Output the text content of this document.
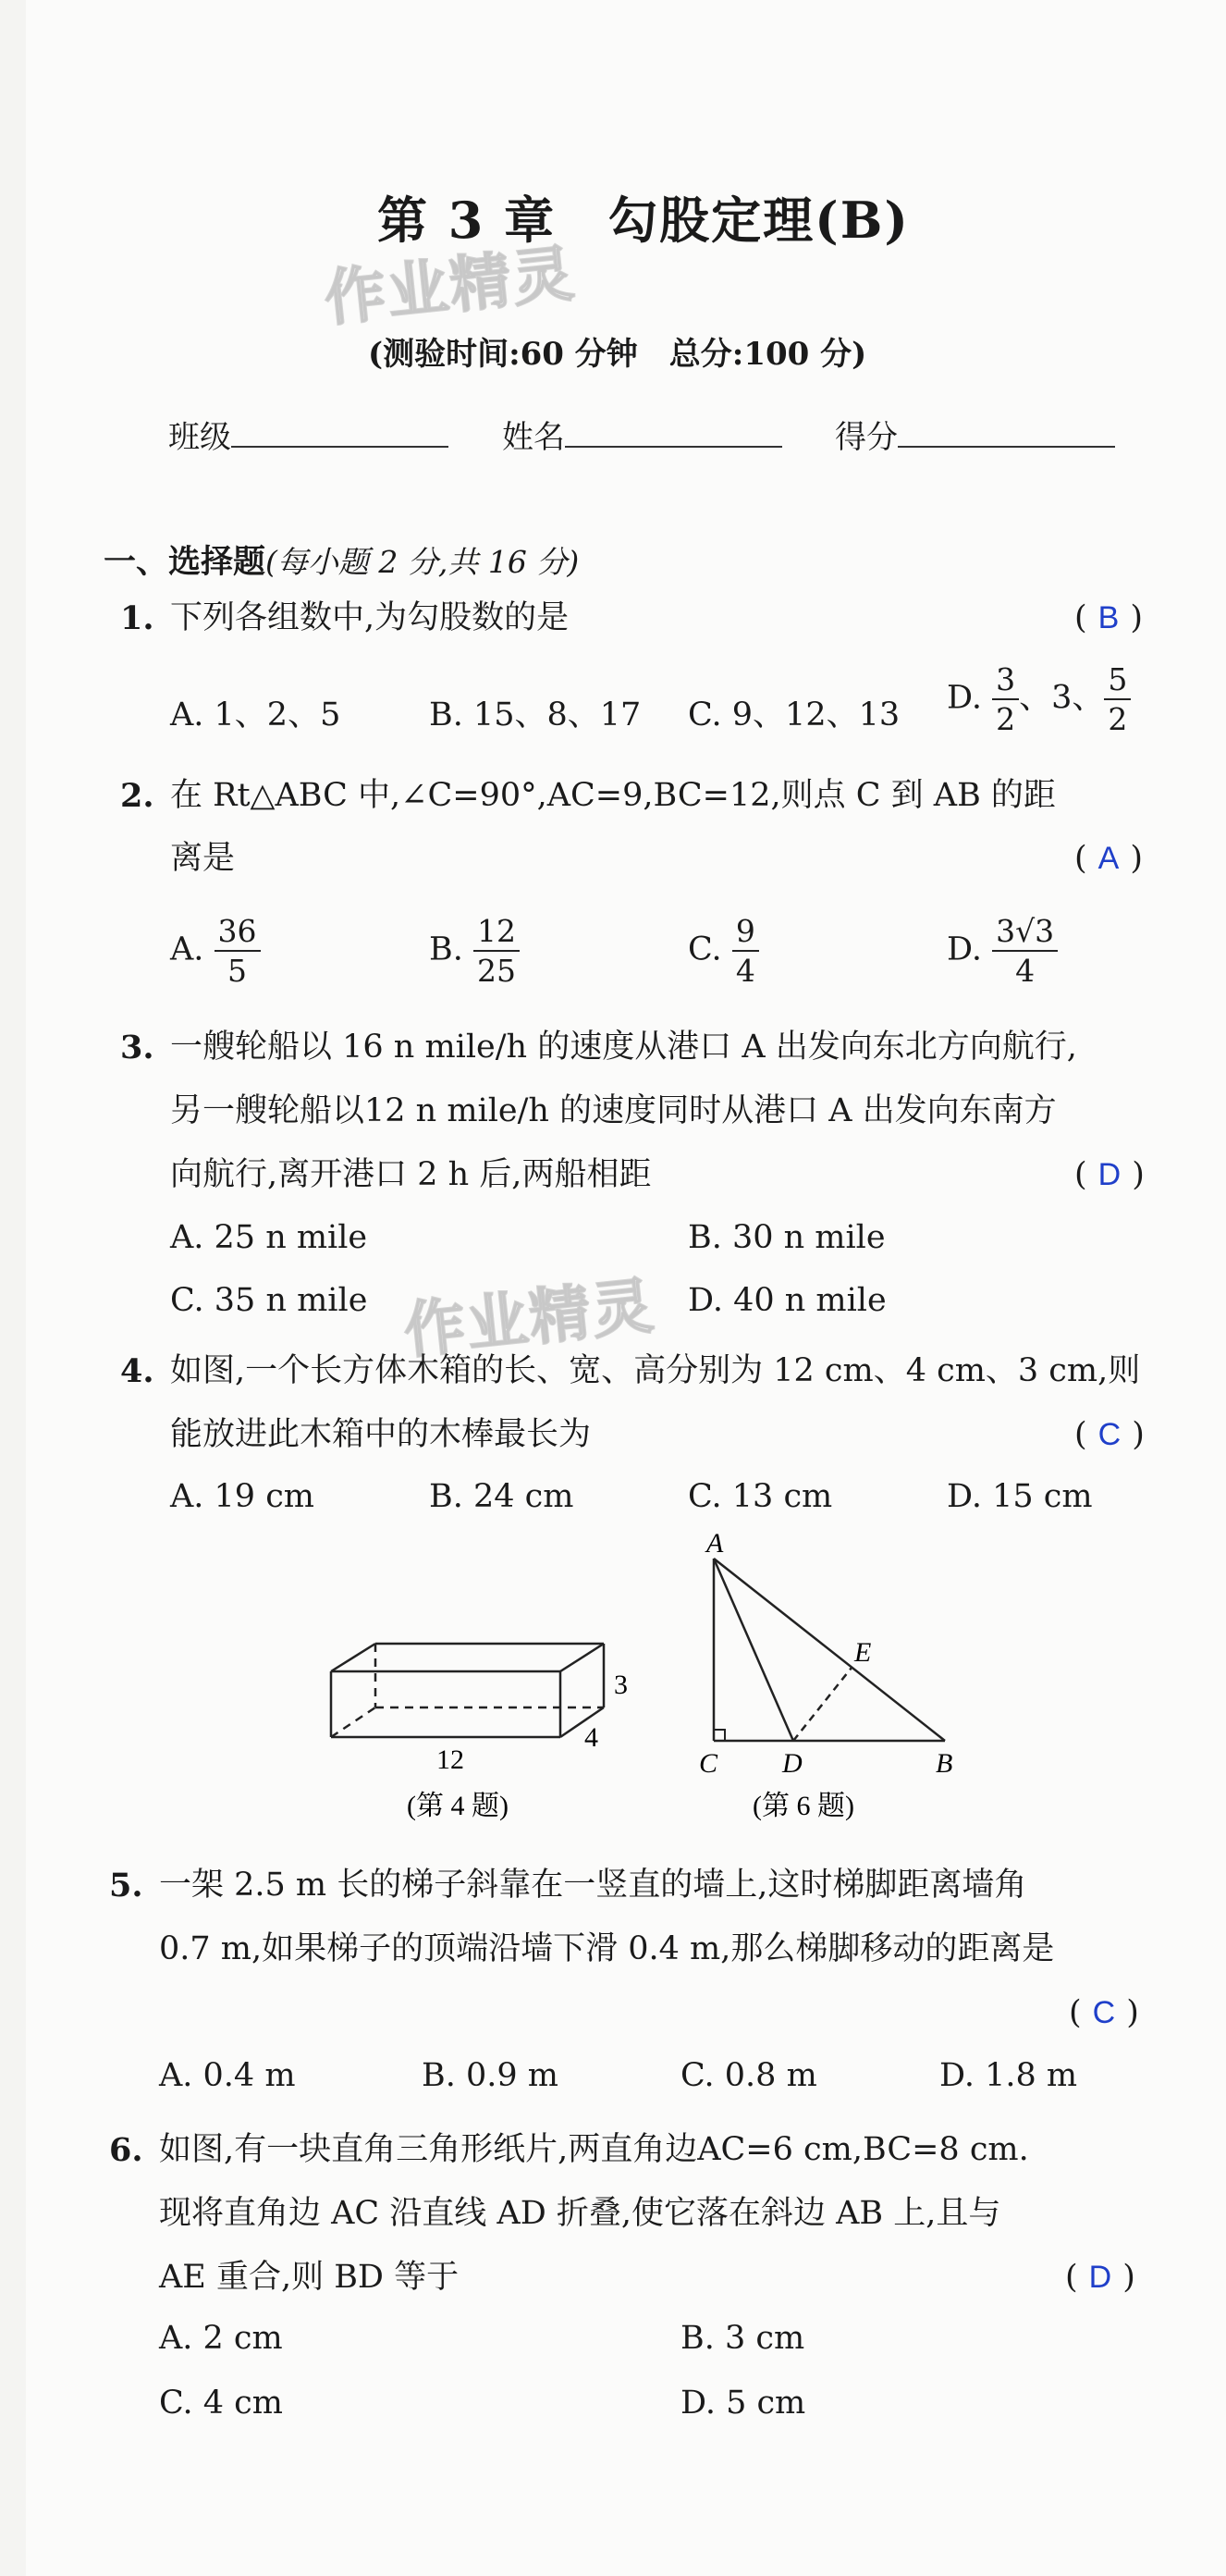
第 3 章　勾股定理(B)
作业精灵
(测验时间:60 分钟　总分:100 分)
班级	姓名	得分
一、选择题(每小题 2 分,共 16 分)
1. 下列各组数中,为勾股数的是	( B )
A. 1、2、5	B. 15、8、17 C. 9、12、13 D. $\frac{3}{2}$ 、3、 $\frac{5}{2}$
2. 在 Rt△ABC 中,∠C=90°,AC=9,BC=12,则点 C 到 AB 的距
离是	( A )
A. $\frac{36}{5}$	B. $\frac{12}{25}$	C. $\frac{9}{4}$	D. $\frac{3√3}{4}$
3. 一艘轮船以 16 n mile/h 的速度从港口 A 出发向东北方向航行,
另一艘轮船以12 n mile/h 的速度同时从港口 A 出发向东南方
向航行,离开港口 2 h 后,两船相距	( D )
A. 25 n mile	B. 30 n mile
C. 35 n mile	D. 40 n mile
作业精灵
4. 如图,一个长方体木箱的长、宽、高分别为 12 cm、4 cm、3 cm,则
能放进此木箱中的木棒最长为	( C )
A. 19 cm	B. 24 cm	C. 13 cm	D. 15 cm
3
4
12
(第 4 题)
A
C D	B
E
(第 6 题)
5. 一架 2.5 m 长的梯子斜靠在一竖直的墙上,这时梯脚距离墙角
0.7 m,如果梯子的顶端沿墙下滑 0.4 m,那么梯脚移动的距离是
( C )
A. 0.4 m	B. 0.9 m	C. 0.8 m	D. 1.8 m
6. 如图,有一块直角三角形纸片,两直角边AC=6 cm,BC=8 cm.
现将直角边 AC 沿直线 AD 折叠,使它落在斜边 AB 上,且与
AE 重合,则 BD 等于	( D )
A. 2 cm	B. 3 cm
C. 4 cm	D. 5 cm
